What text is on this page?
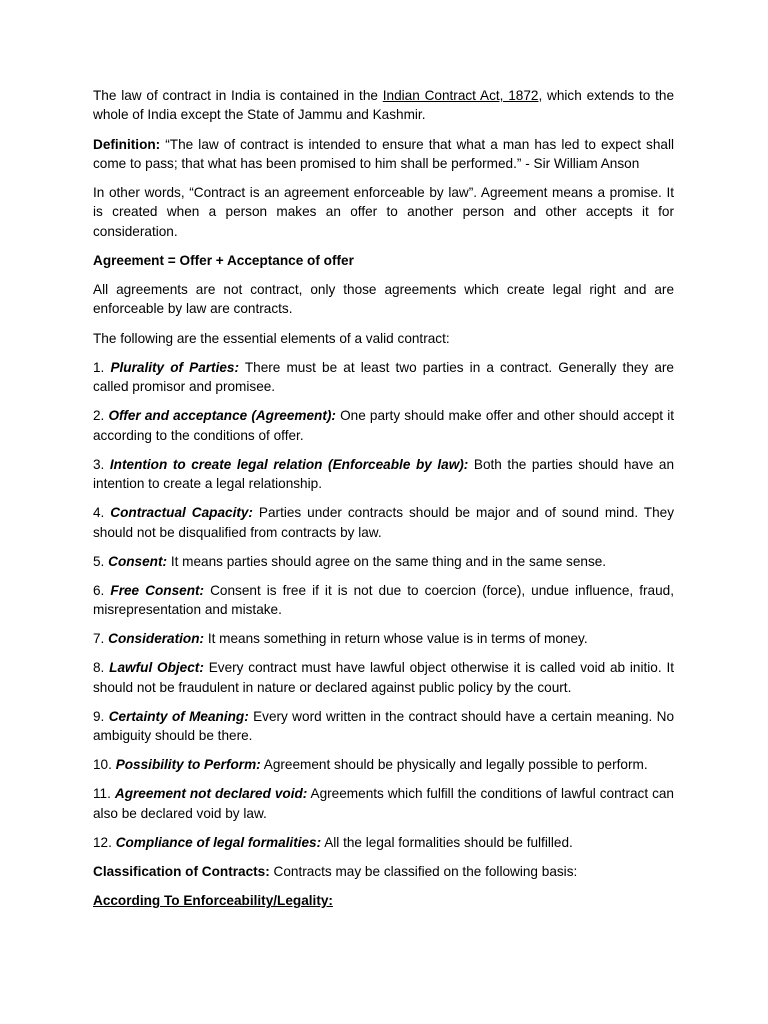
The law of contract in India is contained in the Indian Contract Act, 1872, which extends to the whole of India except the State of Jammu and Kashmir.

Definition: “The law of contract is intended to ensure that what a man has led to expect shall come to pass; that what has been promised to him shall be performed.” - Sir William Anson

In other words, “Contract is an agreement enforceable by law”. Agreement means a promise. It is created when a person makes an offer to another person and other accepts it for consideration.

Agreement = Offer + Acceptance of offer

All agreements are not contract, only those agreements which create legal right and are enforceable by law are contracts.

The following are the essential elements of a valid contract:

1. Plurality of Parties: There must be at least two parties in a contract. Generally they are called promisor and promisee.

2. Offer and acceptance (Agreement): One party should make offer and other should accept it according to the conditions of offer.

3. Intention to create legal relation (Enforceable by law): Both the parties should have an intention to create a legal relationship.

4. Contractual Capacity: Parties under contracts should be major and of sound mind. They should not be disqualified from contracts by law.

5. Consent: It means parties should agree on the same thing and in the same sense.

6. Free Consent: Consent is free if it is not due to coercion (force), undue influence, fraud, misrepresentation and mistake.

7. Consideration: It means something in return whose value is in terms of money.

8. Lawful Object: Every contract must have lawful object otherwise it is called void ab initio. It should not be fraudulent in nature or declared against public policy by the court.

9. Certainty of Meaning: Every word written in the contract should have a certain meaning. No ambiguity should be there.

10. Possibility to Perform: Agreement should be physically and legally possible to perform.

11. Agreement not declared void: Agreements which fulfill the conditions of lawful contract can also be declared void by law.

12. Compliance of legal formalities: All the legal formalities should be fulfilled.

Classification of Contracts: Contracts may be classified on the following basis:

According To Enforceability/Legality:
